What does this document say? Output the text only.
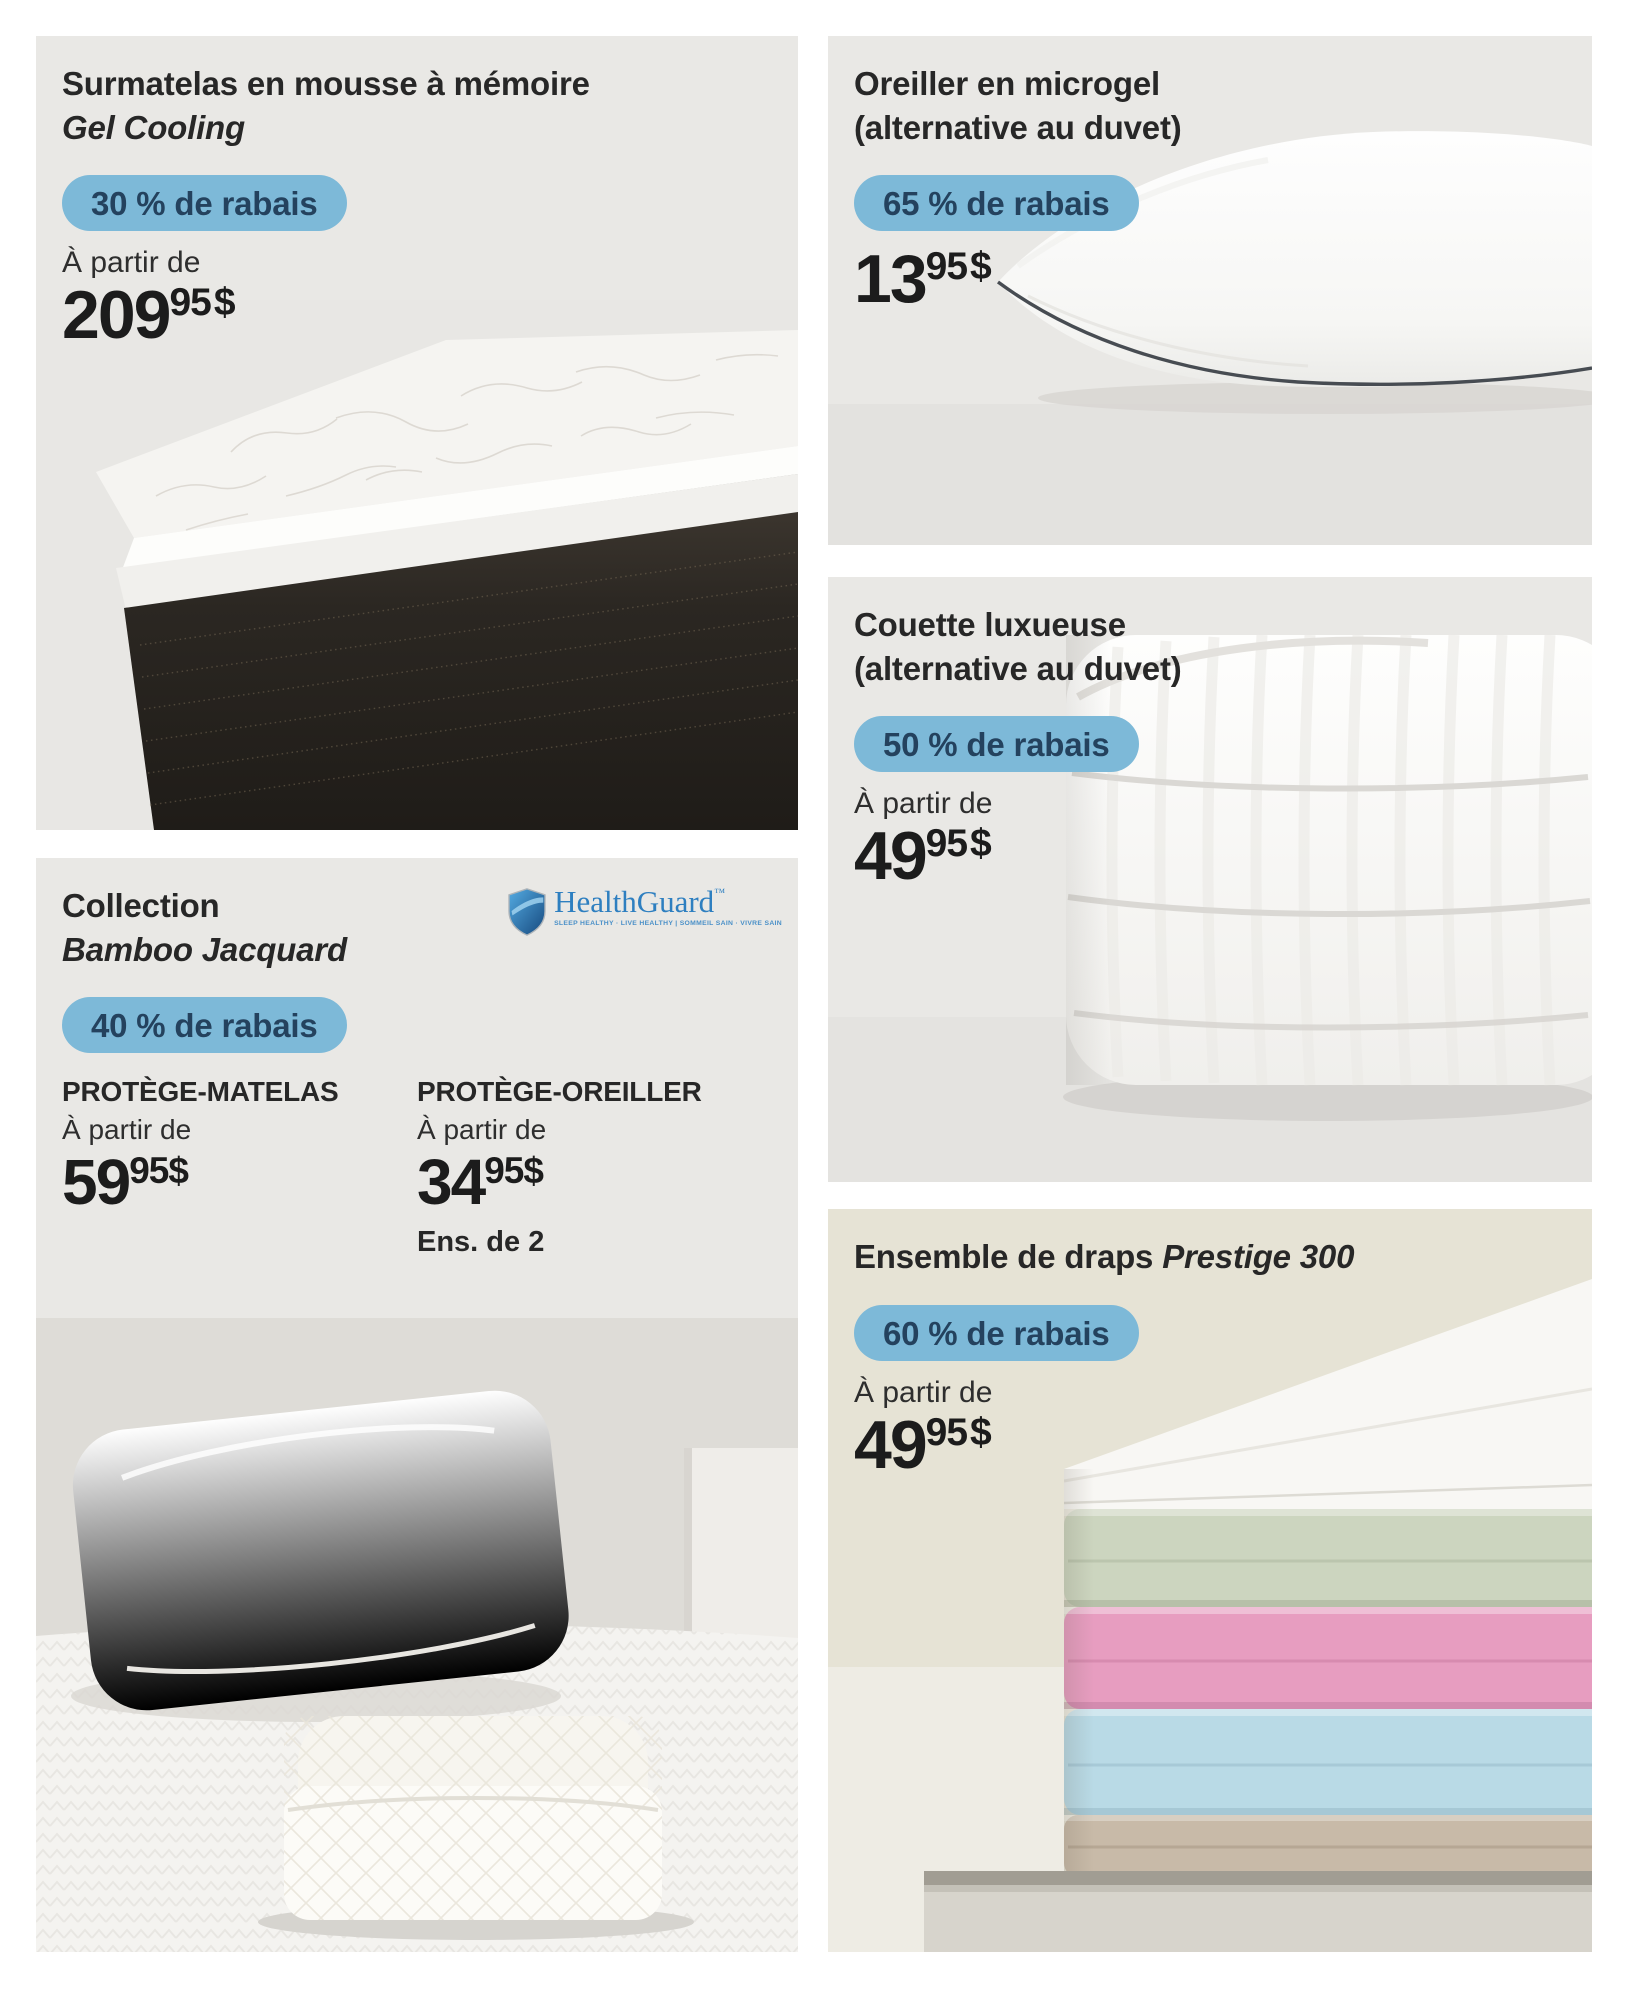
Surmatelas en mousse à mémoire
Gel Cooling
30 % de rabais
À partir de
$209^{95\$}$
Oreiller en microgel
(alternative au duvet)
65 % de rabais
$13^{95\$}$
Couette luxueuse
(alternative au duvet)
50 % de rabais
À partir de
$49^{95\$}$
HealthGuard™
SLEEP HEALTHY · LIVE HEALTHY | SOMMEIL SAIN · VIVRE SAIN
Collection
Bamboo Jacquard
40 % de rabais
PROTÈGE-MATELAS
À partir de
$59^{95\$}$
PROTÈGE-OREILLER
À partir de
$34^{95\$}$
Ens. de 2	Ensemble de draps Prestige 300
60 % de rabais
À partir de
$49^{95\$}$
